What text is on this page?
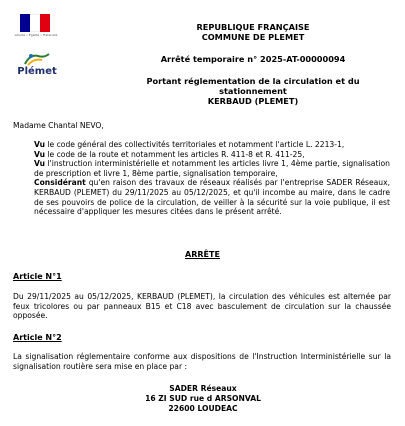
Liberté • Égalité • Fraternité
Plémet
REPUBLIQUE FRANÇAISE
COMMUNE DE PLEMET
Arrêté temporaire n° 2025-AT-00000094
Portant réglementation de la circulation et du
stationnement
KERBAUD (PLEMET)
Madame Chantal NEVO,
Vu le code général des collectivités territoriales et notamment l'article L. 2213-1,
Vu le code de la route et notamment les articles R. 411-8 et R. 411-25,
Vu l'instruction interministérielle et notamment les articles livre 1, 4ème partie, signalisation de prescription et livre 1, 8ème partie, signalisation temporaire,
Considérant qu'en raison des travaux de réseaux réalisés par l'entreprise SADER Réseaux, KERBAUD (PLEMET) du 29/11/2025 au 05/12/2025, et qu'il incombe au maire, dans le cadre de ses pouvoirs de police de la circulation, de veiller à la sécurité sur la voie publique, il est nécessaire d'appliquer les mesures citées dans le présent arrêté.
ARRÊTE
Article N°1
Du 29/11/2025 au 05/12/2025, KERBAUD (PLEMET), la circulation des véhicules est alternée par feux tricolores ou par panneaux B15 et C18 avec basculement de circulation sur la chaussée opposée.
Article N°2
La signalisation réglementaire conforme aux dispositions de l'Instruction Interministérielle sur la signalisation routière sera mise en place par :
SADER Réseaux
16 ZI SUD rue d ARSONVAL
22600 LOUDEAC
